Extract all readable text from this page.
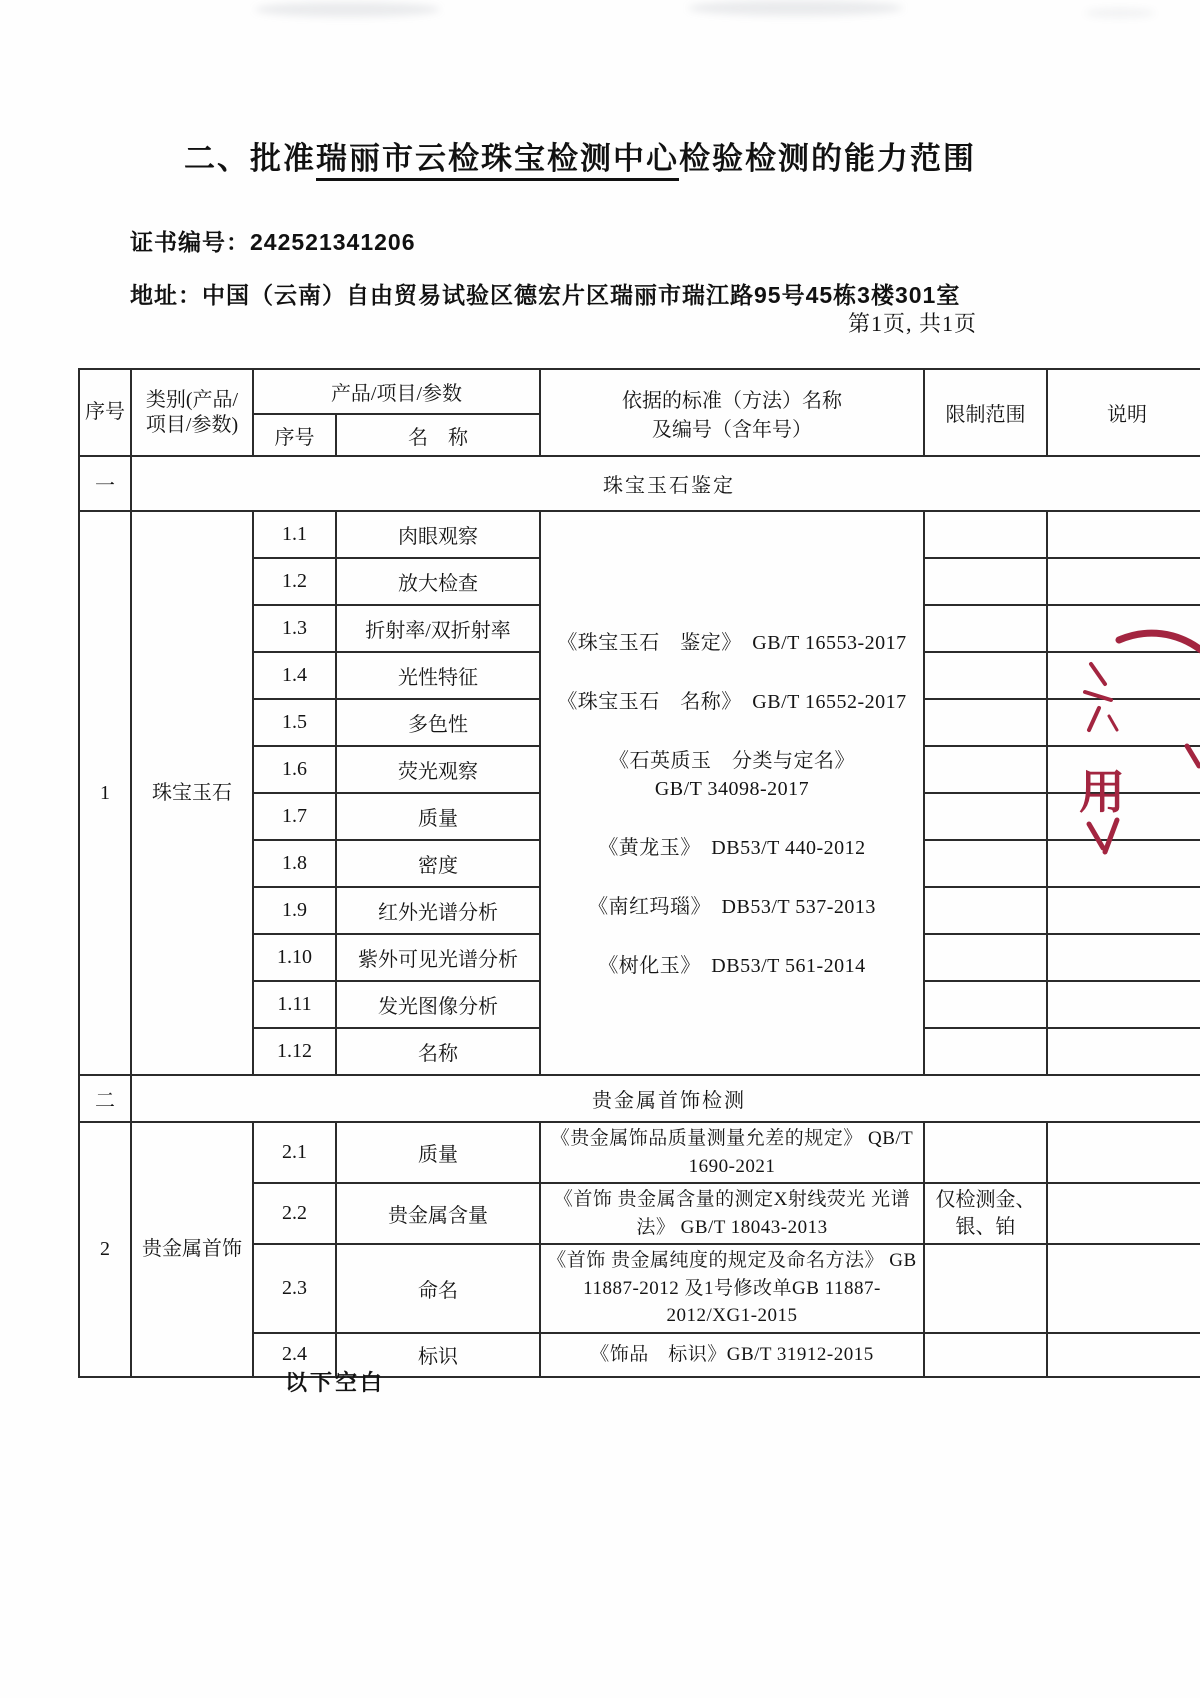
二、批准瑞丽市云检珠宝检测中心检验检测的能力范围
证书编号：242521341206
地址：中国（云南）自由贸易试验区德宏片区瑞丽市瑞江路95号45栋3楼301室
第1页, 共1页
序号	类别(产品/项目/参数)	产品/项目/参数		依据的标准（方法）名称
及编号（含年号）	限制范围	说明
		序号	名　称			
一	珠宝玉石鉴定					
1	珠宝玉石	1.1	肉眼观察	
《珠宝玉石　鉴定》　GB/T 16553-2017
《珠宝玉石　名称》　GB/T 16552-2017
《石英质玉　分类与定名》
GB/T 34098-2017
《黄龙玉》　DB53/T 440-2012
《南红玛瑙》　DB53/T 537-2013
《树化玉》　DB53/T 561-2014

		1.2	放大检查			
		1.3	折射率/双折射率			
		1.4	光性特征			
		1.5	多色性			
		1.6	荧光观察			
		1.7	质量			
		1.8	密度			
		1.9	红外光谱分析			
		1.10	紫外可见光谱分析			
		1.11	发光图像分析			
		1.12	名称			
二	贵金属首饰检测					
2	贵金属首饰	2.1	质量	《贵金属饰品质量测量允差的规定》 QB/T 1690-2021		
		2.2	贵金属含量	《首饰 贵金属含量的测定X射线荧光 光谱法》 GB/T 18043-2013	仅检测金、银、铂	
		2.3	命名	《首饰 贵金属纯度的规定及命名方法》 GB 11887-2012 及1号修改单GB 11887-2012/XG1-2015		
		2.4	标识	《饰品　标识》GB/T 31912-2015		
以下空白
用
